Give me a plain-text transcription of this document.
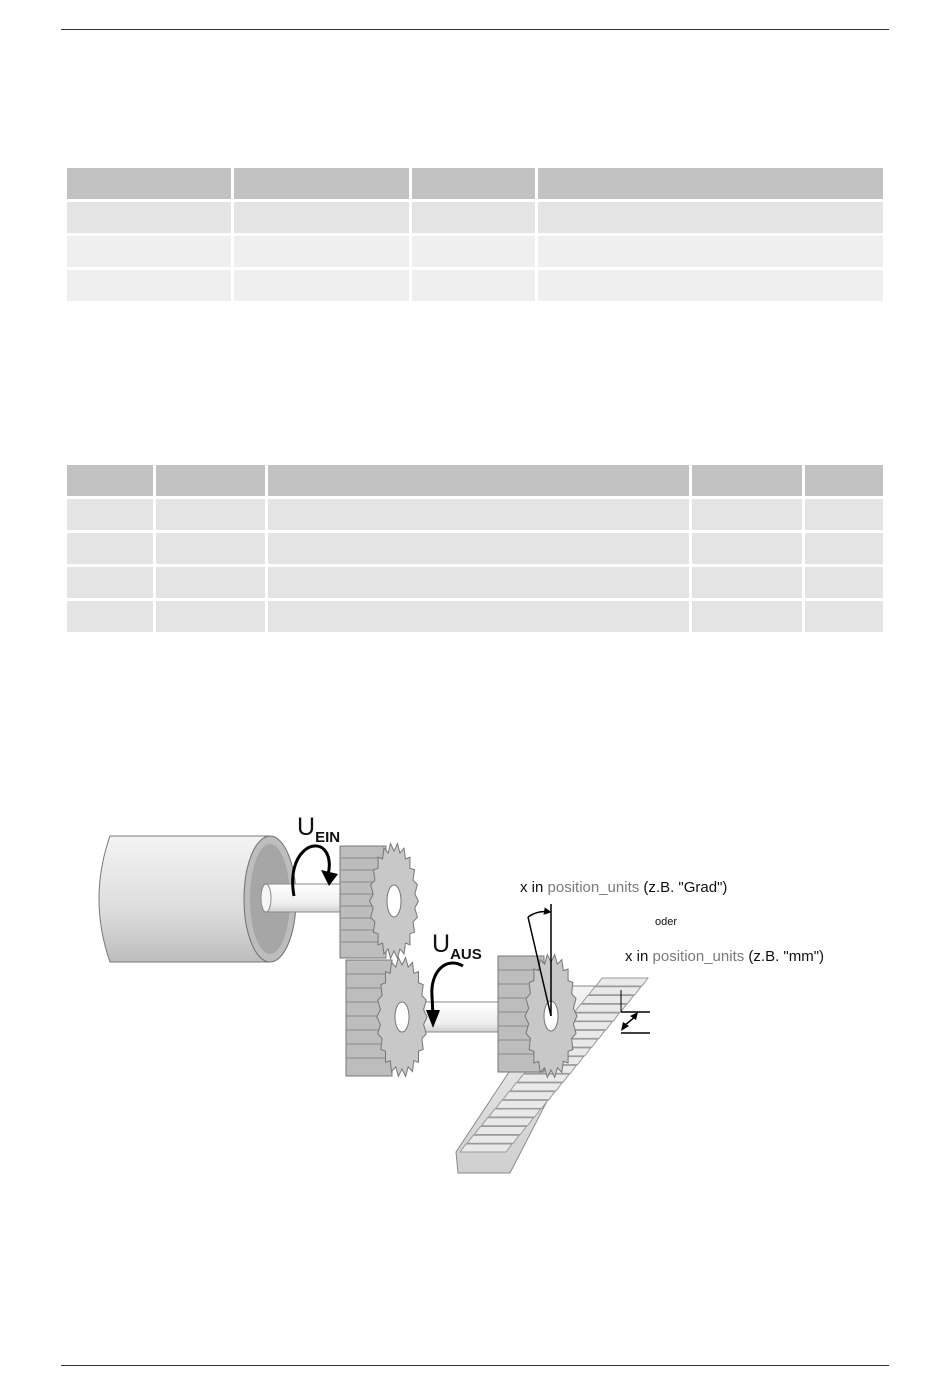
$U_{EIN}$
$U_{AUS}$
x in position_units (z.B. "Grad")
oder
x in position_units (z.B. "mm")
